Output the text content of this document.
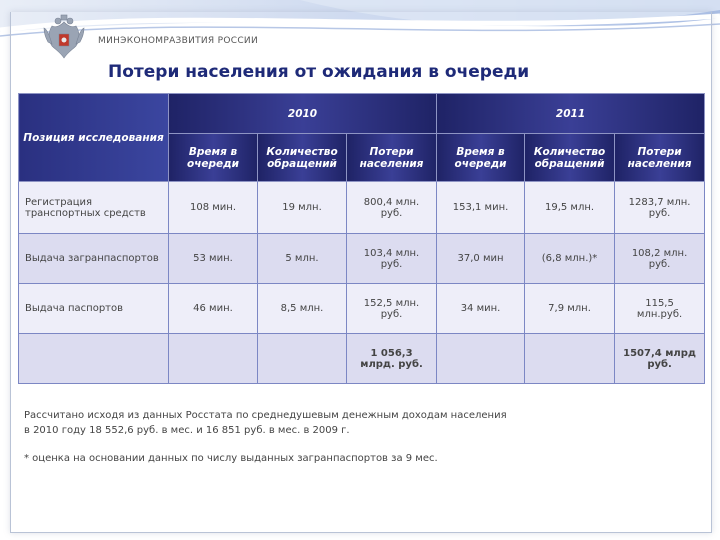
МИНЭКОНОМРАЗВИТИЯ РОССИИ
Потери населения от ожидания в очереди
Позиция исследования	2010			2011		
	Время в очереди	Количество обращений	Потери населения	Время в очереди	Количество обращений	Потери населения
Регистрация транспортных средств	108 мин.	19 млн.	800,4 млн. руб.	153,1 мин.	19,5 млн.	1283,7 млн. руб.
Выдача загранпаспортов	53 мин.	5 млн.	103,4 млн. руб.	37,0 мин	(6,8 млн.)*	108,2 млн. руб.
Выдача паспортов	46 мин.	8,5 млн.	152,5 млн. руб.	34 мин.	7,9 млн.	115,5 млн.руб.
			1 056,3 млрд. руб.			1507,4 млрд руб.
Рассчитано исходя из данных Росстата по среднедушевым денежным доходам населения
в 2010 году 18 552,6 руб. в мес. и 16 851 руб. в мес. в 2009 г.
* оценка на основании данных по числу выданных загранпаспортов за 9 мес.
